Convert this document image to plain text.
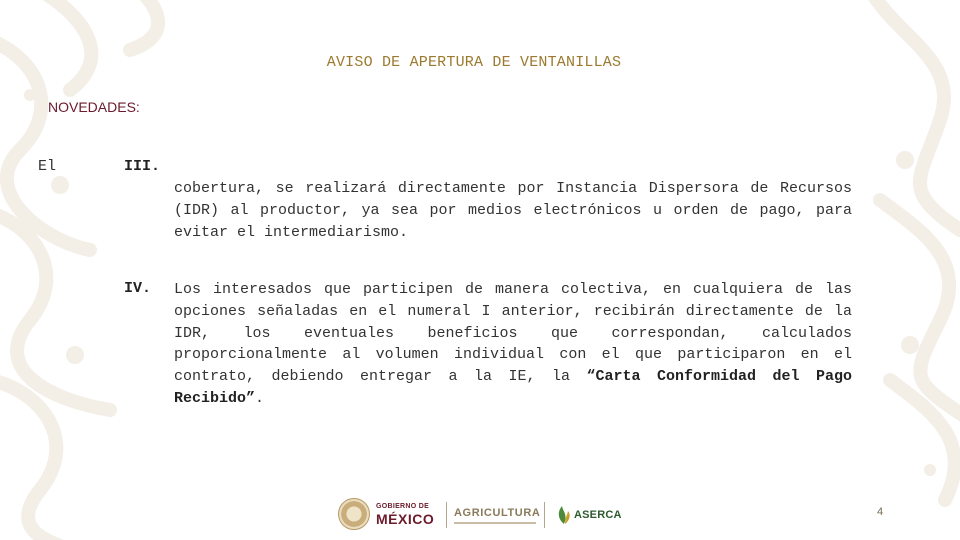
AVISO DE APERTURA DE VENTANILLAS
NOVEDADES:
El	III.

cobertura, se realizará directamente por Instancia Dispersora de Recursos (IDR) al productor, ya sea por medios electrónicos u orden de pago, para evitar el intermediarismo.

IV. Los interesados que participen de manera colectiva, en cualquiera de las opciones señaladas en el numeral I anterior, recibirán directamente de la IDR, los eventuales beneficios que correspondan, calculados proporcionalmente al volumen individual con el que participaron en el contrato, debiendo entregar a la IE, la “Carta Conformidad del Pago Recibido”.

GOBIERNO DE
MÉXICO AGRICULTURA	ASERCA	4
